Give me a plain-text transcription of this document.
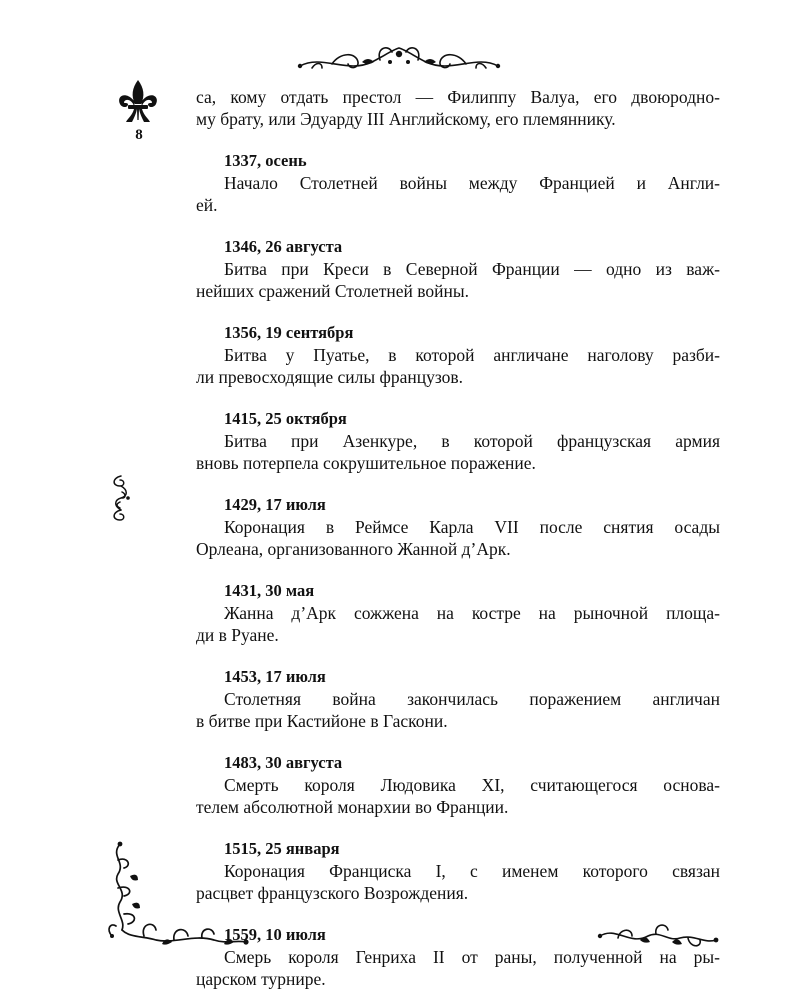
8
са, кому отдать престол — Филиппу Валуа, его двоюродно-
му брату, или Эдуарду III Английскому, его племяннику.
1337, осень
Начало Столетней войны между Францией и Англи-
ей.
1346, 26 августа
Битва при Креси в Северной Франции — одно из важ-
нейших сражений Столетней войны.
1356, 19 сентября
Битва у Пуатье, в которой англичане наголову разби-
ли превосходящие силы французов.
1415, 25 октября
Битва при Азенкуре, в которой французская армия
вновь потерпела сокрушительное поражение.
1429, 17 июля
Коронация в Реймсе Карла VII после снятия осады
Орлеана, организованного Жанной д’Арк.
1431, 30 мая
Жанна д’Арк сожжена на костре на рыночной площа-
ди в Руане.
1453, 17 июля
Столетняя война закончилась поражением англичан
в битве при Кастийоне в Гаскони.
1483, 30 августа
Смерть короля Людовика XI, считающегося основа-
телем абсолютной монархии во Франции.
1515, 25 января
Коронация Франциска I, с именем которого связан
расцвет французского Возрождения.
1559, 10 июля
Смерь короля Генриха II от раны, полученной на ры-
царском турнире.
